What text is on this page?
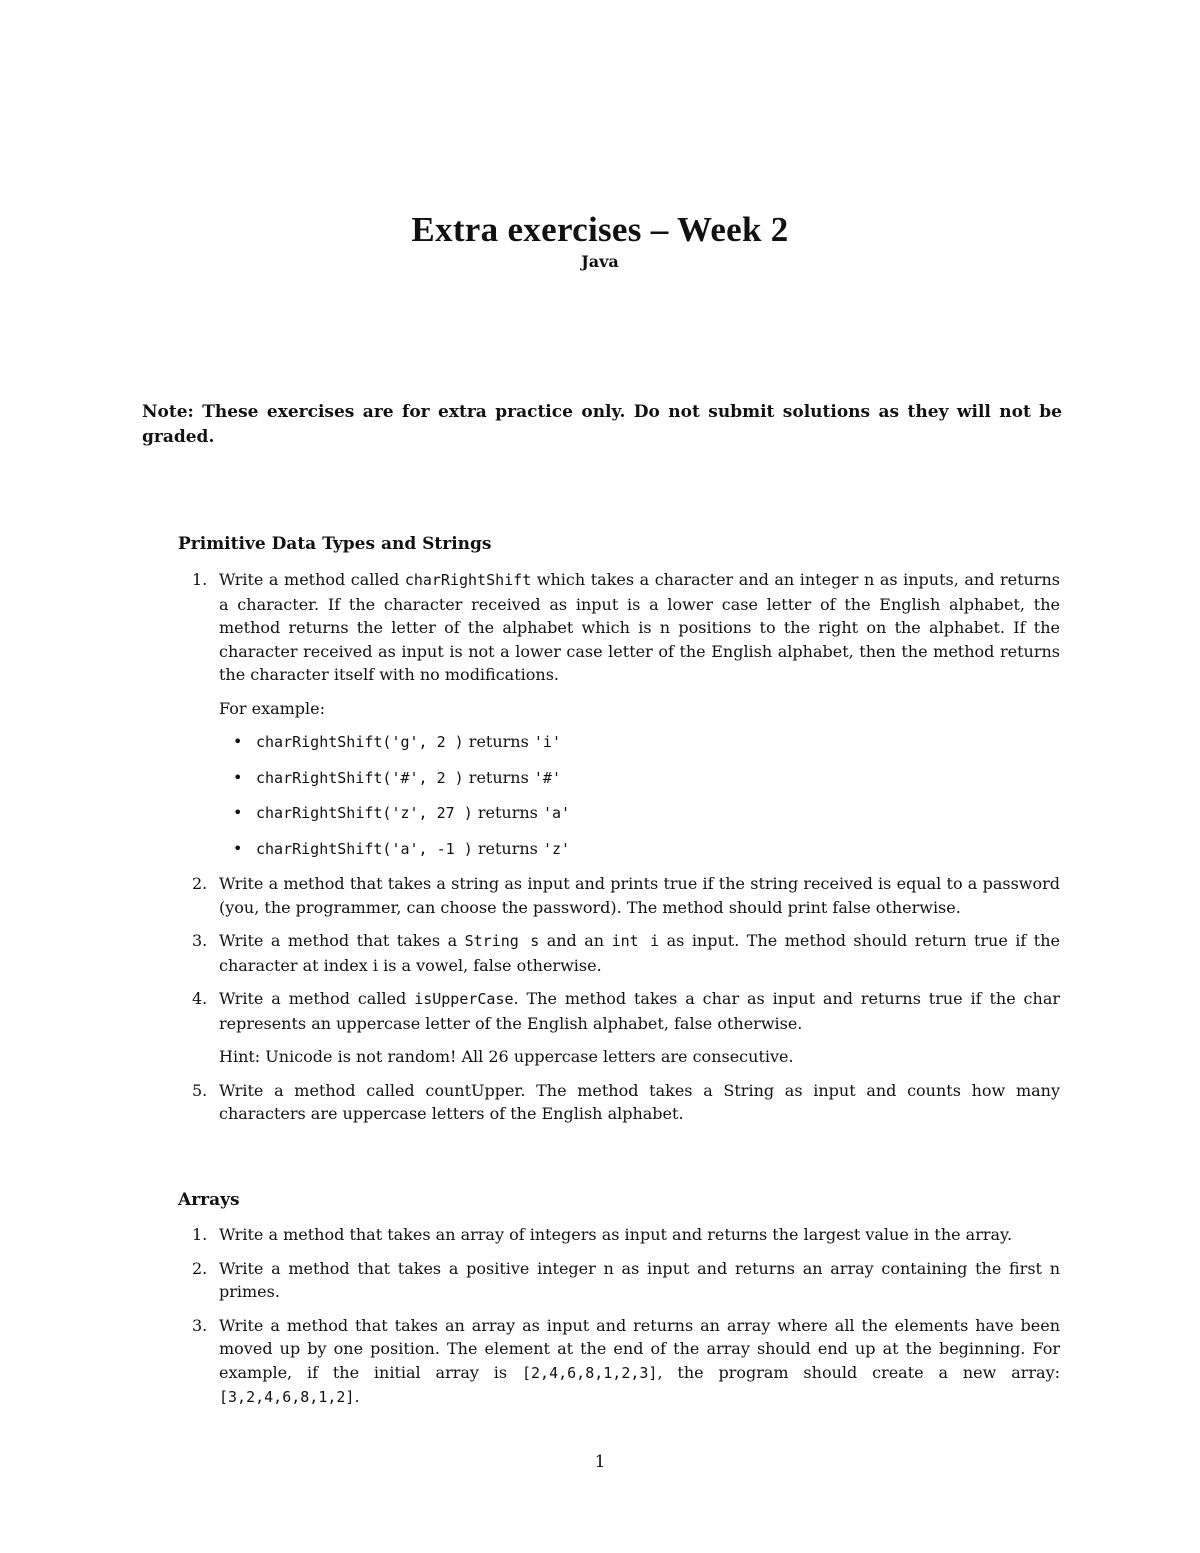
Extra exercises – Week 2
Java
Note: These exercises are for extra practice only. Do not submit solutions as they will not be graded.
Primitive Data Types and Strings
1. Write a method called charRightShift which takes a character and an integer n as inputs, and returns a character. If the character received as input is a lower case letter of the English alphabet, the method returns the letter of the alphabet which is n positions to the right on the alphabet. If the character received as input is not a lower case letter of the English alphabet, then the method returns the character itself with no modifications.

For example:

• charRightShift('g', 2 ) returns 'i'
• charRightShift('#', 2 ) returns '#'
• charRightShift('z', 27 ) returns 'a'
• charRightShift('a', -1 ) returns 'z'
2. Write a method that takes a string as input and prints true if the string received is equal to a password (you, the programmer, can choose the password). The method should print false otherwise.

3. Write a method that takes a String s and an int i as input. The method should return true if the character at index i is a vowel, false otherwise.

4. Write a method called isUpperCase. The method takes a char as input and returns true if the char represents an uppercase letter of the English alphabet, false otherwise.

Hint: Unicode is not random! All 26 uppercase letters are consecutive.

5. Write a method called countUpper. The method takes a String as input and counts how many characters are uppercase letters of the English alphabet.

Arrays
1. Write a method that takes an array of integers as input and returns the largest value in the array.

2. Write a method that takes a positive integer n as input and returns an array containing the first n primes.

3. Write a method that takes an array as input and returns an array where all the elements have been moved up by one position. The element at the end of the array should end up at the beginning. For example, if the initial array is [2,4,6,8,1,2,3], the program should create a new array: [3,2,4,6,8,1,2].

1
